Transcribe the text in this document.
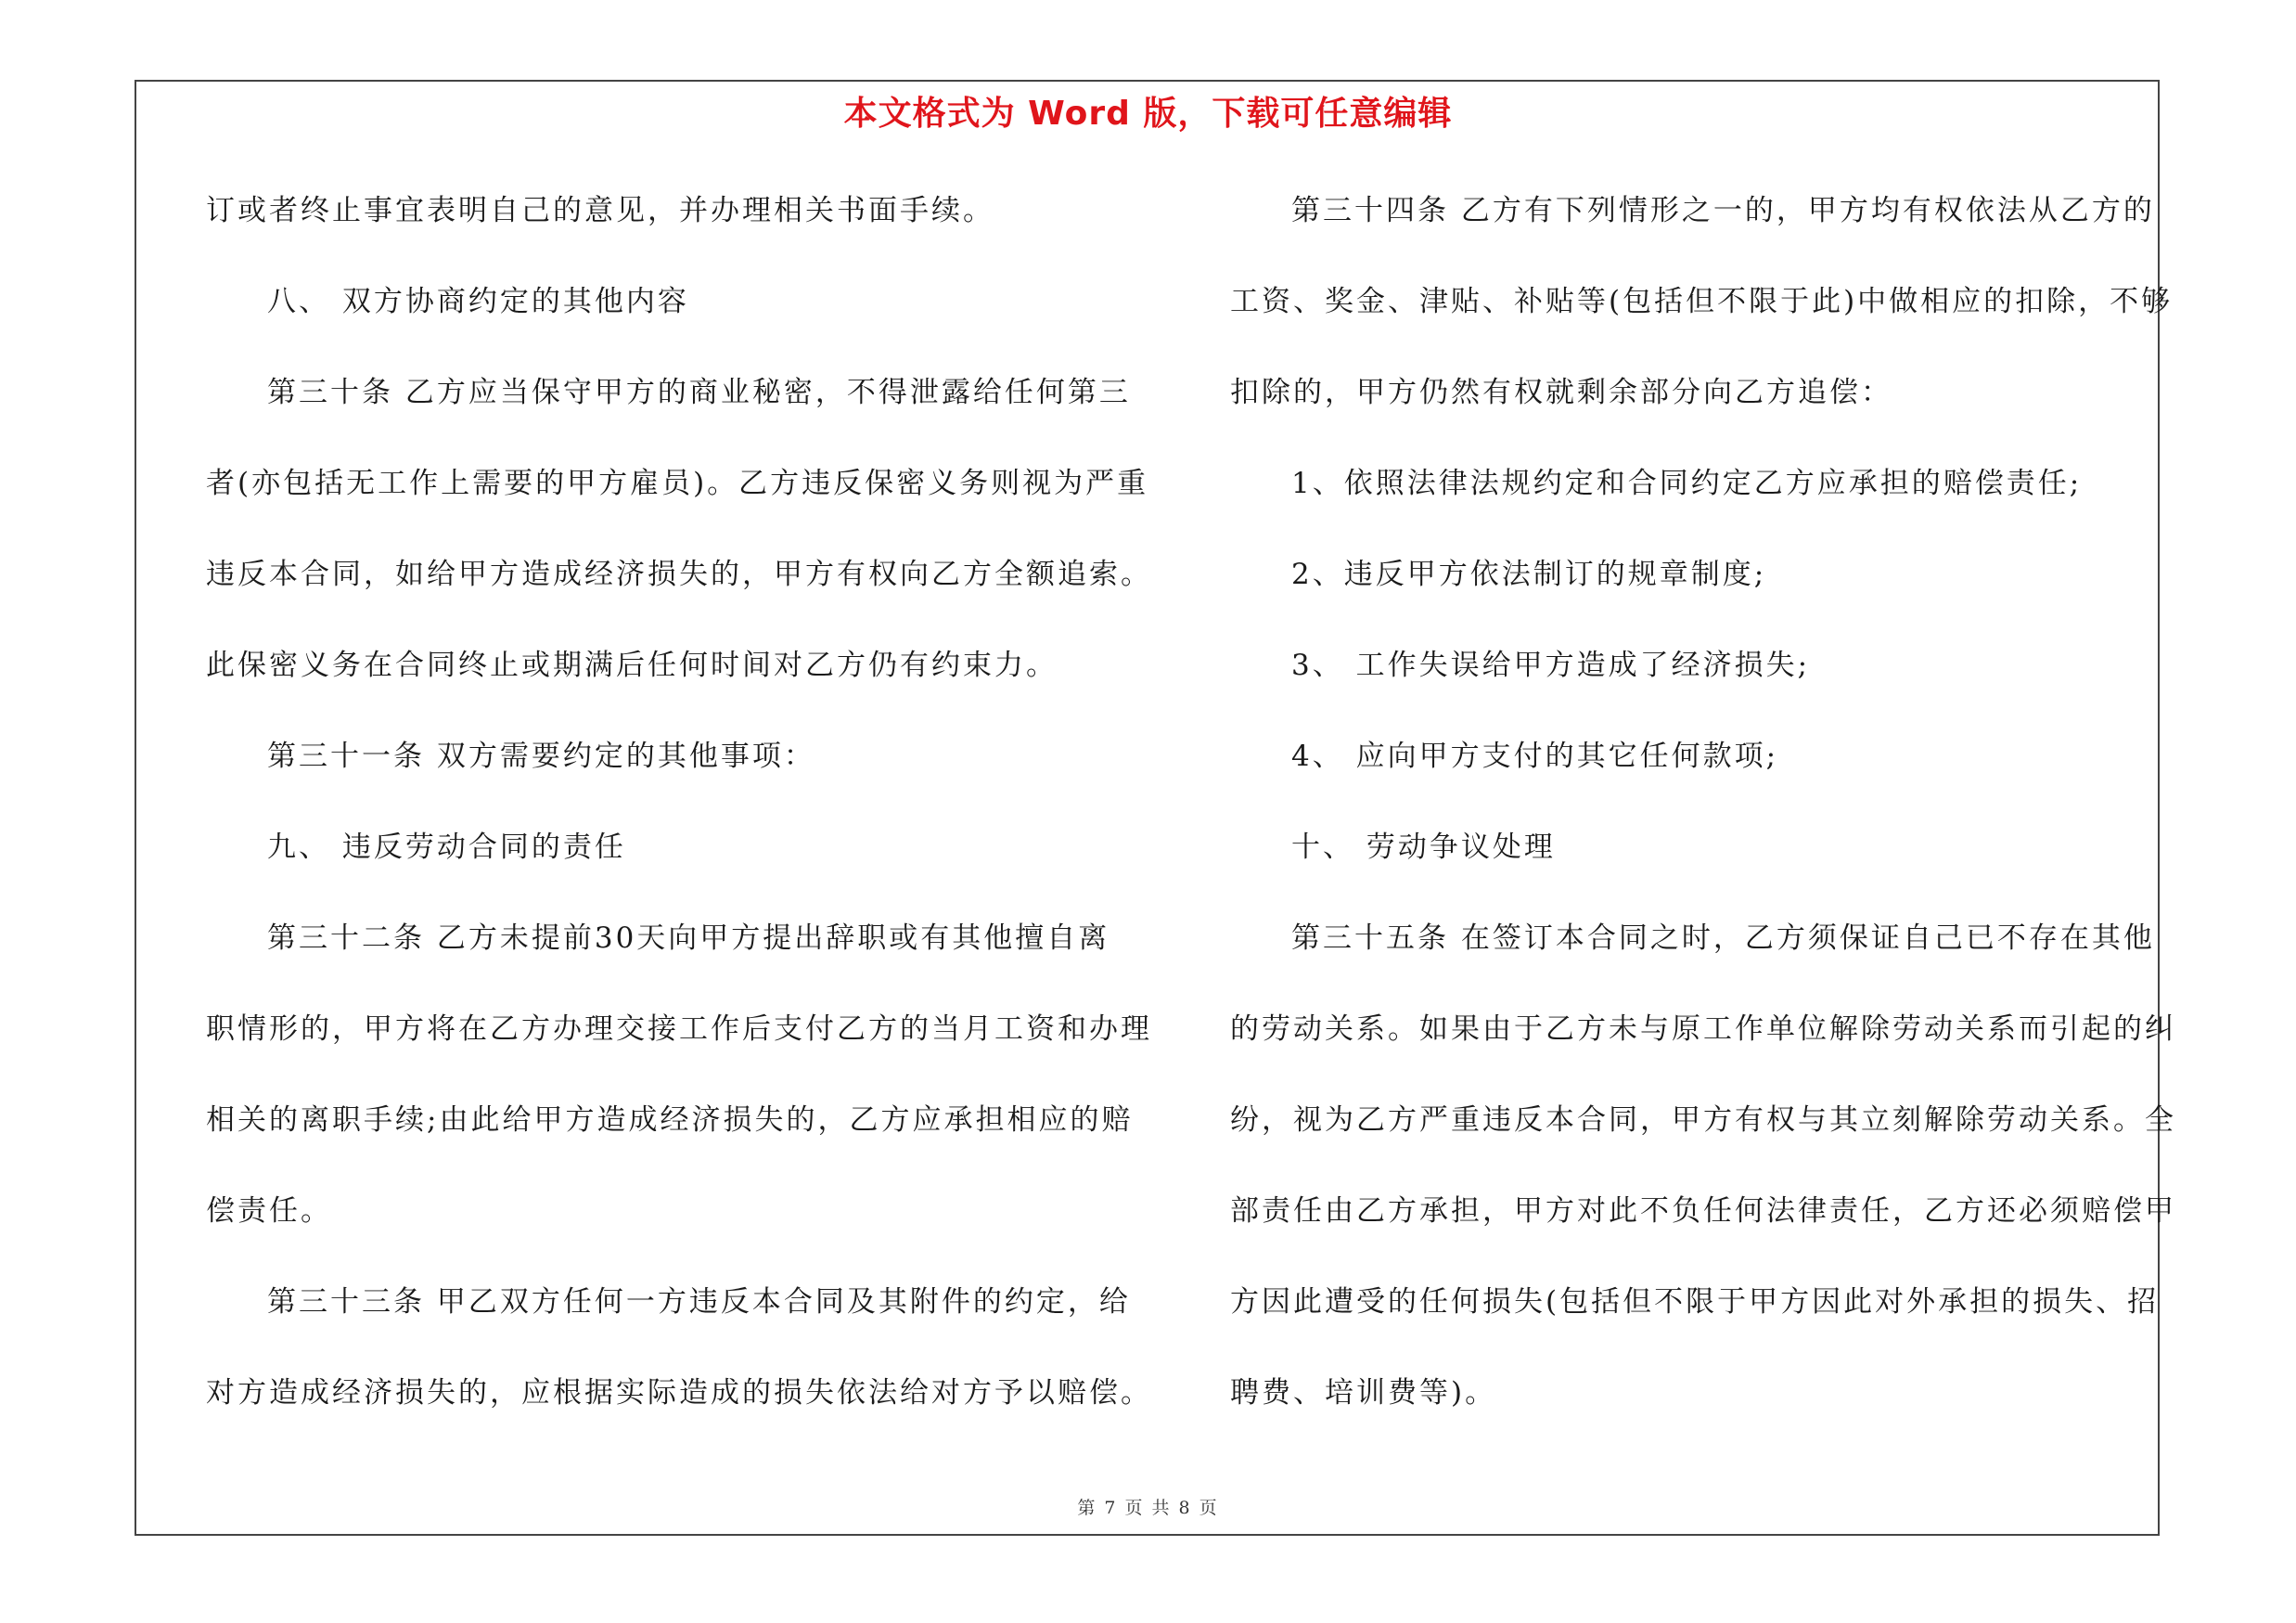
本文格式为 Word 版，下载可任意编辑
订或者终止事宜表明自己的意见，并办理相关书面手续。
八、 双方协商约定的其他内容
第三十条 乙方应当保守甲方的商业秘密，不得泄露给任何第三
者(亦包括无工作上需要的甲方雇员)。乙方违反保密义务则视为严重
违反本合同，如给甲方造成经济损失的，甲方有权向乙方全额追索。
此保密义务在合同终止或期满后任何时间对乙方仍有约束力。
第三十一条 双方需要约定的其他事项：
九、 违反劳动合同的责任
第三十二条 乙方未提前30天向甲方提出辞职或有其他擅自离
职情形的，甲方将在乙方办理交接工作后支付乙方的当月工资和办理
相关的离职手续;由此给甲方造成经济损失的，乙方应承担相应的赔
偿责任。
第三十三条 甲乙双方任何一方违反本合同及其附件的约定，给
对方造成经济损失的，应根据实际造成的损失依法给对方予以赔偿。
第三十四条 乙方有下列情形之一的，甲方均有权依法从乙方的
工资、奖金、津贴、补贴等(包括但不限于此)中做相应的扣除，不够
扣除的，甲方仍然有权就剩余部分向乙方追偿：
1、依照法律法规约定和合同约定乙方应承担的赔偿责任;
2、违反甲方依法制订的规章制度;
3、 工作失误给甲方造成了经济损失;
4、 应向甲方支付的其它任何款项;
十、 劳动争议处理
第三十五条 在签订本合同之时，乙方须保证自己已不存在其他
的劳动关系。如果由于乙方未与原工作单位解除劳动关系而引起的纠
纷，视为乙方严重违反本合同，甲方有权与其立刻解除劳动关系。全
部责任由乙方承担，甲方对此不负任何法律责任，乙方还必须赔偿甲
方因此遭受的任何损失(包括但不限于甲方因此对外承担的损失、招
聘费、培训费等)。
第 7 页 共 8 页
